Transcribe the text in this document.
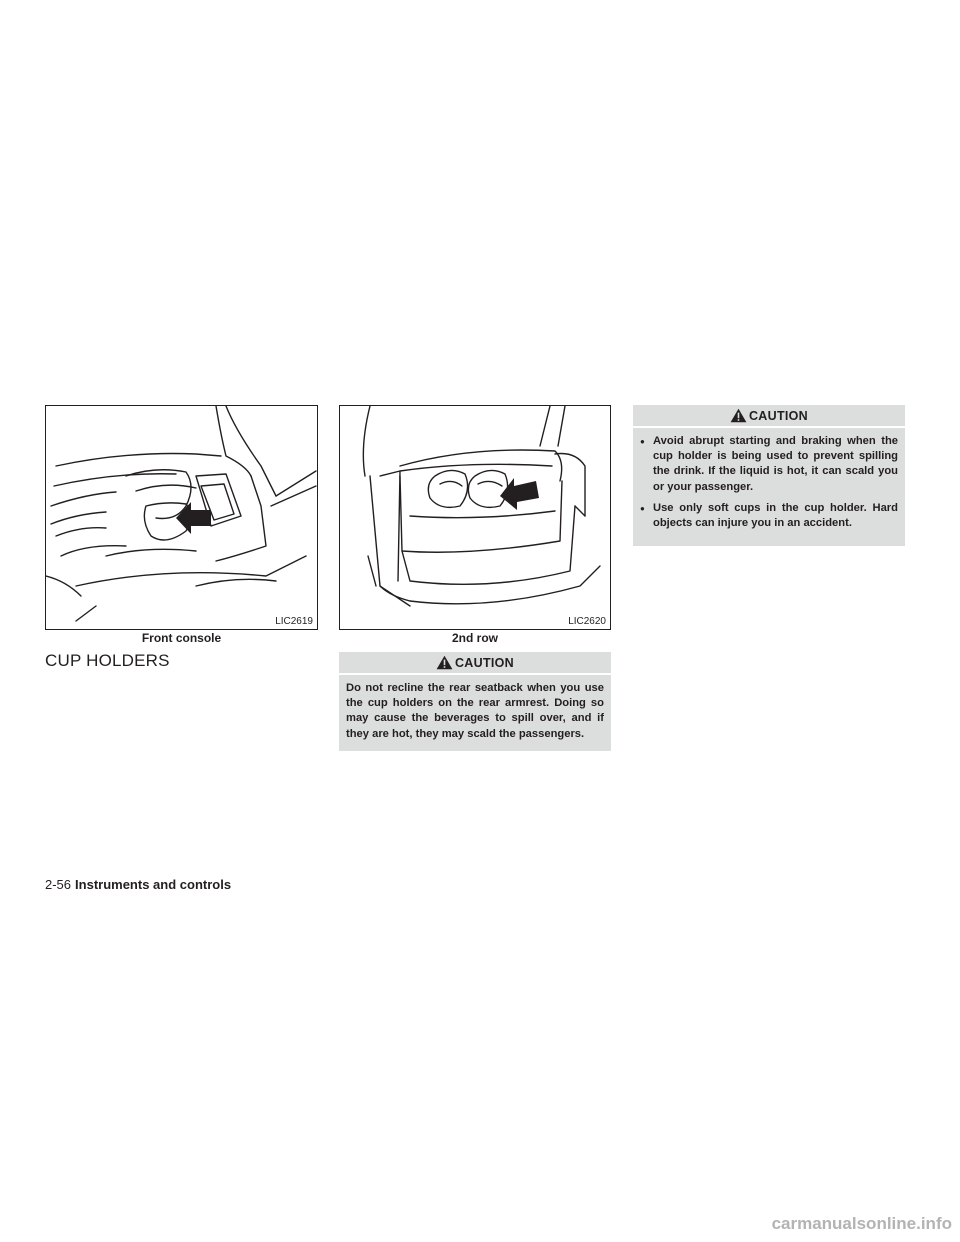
LIC2619
Front console
LIC2620
2nd row
CUP HOLDERS	CAUTION
Do not recline the rear seatback when you use the cup holders on the rear armrest. Doing so may cause the beverages to spill over, and if they are hot, they may scald the passengers.
CAUTION
● Avoid abrupt starting and braking when the cup holder is being used to prevent spilling the drink. If the liquid is hot, it can scald you or your passenger.
● Use only soft cups in the cup holder. Hard objects can injure you in an accident.
2-56 Instruments and controls
carmanualsonline.info
